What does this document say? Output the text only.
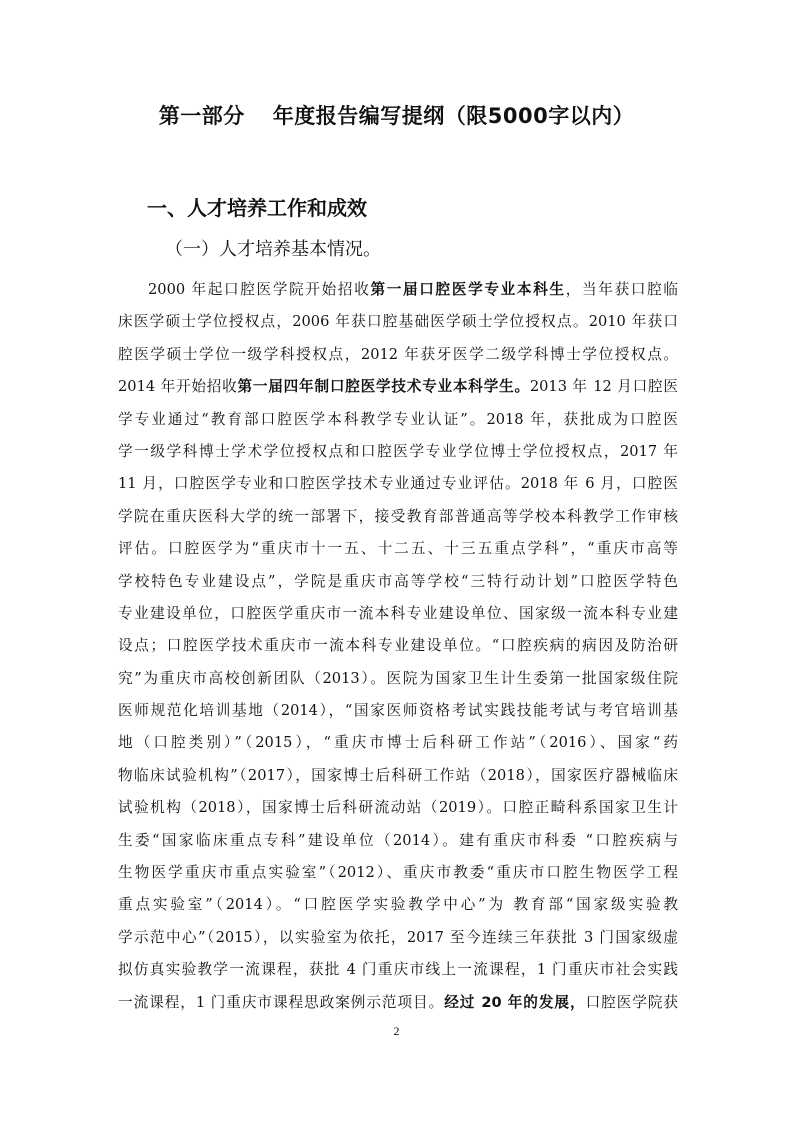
第一部分 年度报告编写提纲（限5000字以内）
一、人才培养工作和成效
（一）人才培养基本情况。
2000 年起口腔医学院开始招收第一届口腔医学专业本科生，当年获口腔临
床医学硕士学位授权点，2006 年获口腔基础医学硕士学位授权点。2010 年获口
腔医学硕士学位一级学科授权点，2012 年获牙医学二级学科博士学位授权点。
2014 年开始招收第一届四年制口腔医学技术专业本科学生。2013 年 12 月口腔医
学专业通过“教育部口腔医学本科教学专业认证”。2018 年，获批成为口腔医
学一级学科博士学术学位授权点和口腔医学专业学位博士学位授权点，2017 年
11 月，口腔医学专业和口腔医学技术专业通过专业评估。2018 年 6 月，口腔医
学院在重庆医科大学的统一部署下，接受教育部普通高等学校本科教学工作审核
评估。口腔医学为“重庆市十一五、十二五、十三五重点学科”，“重庆市高等
学校特色专业建设点”，学院是重庆市高等学校“三特行动计划”口腔医学特色
专业建设单位，口腔医学重庆市一流本科专业建设单位、国家级一流本科专业建
设点；口腔医学技术重庆市一流本科专业建设单位。“口腔疾病的病因及防治研
究”为重庆市高校创新团队（2013）。医院为国家卫生计生委第一批国家级住院
医师规范化培训基地（2014），“国家医师资格考试实践技能考试与考官培训基
地（口腔类别）”（2015），“重庆市博士后科研工作站”（2016）、国家“药
物临床试验机构”（2017），国家博士后科研工作站（2018），国家医疗器械临床
试验机构（2018），国家博士后科研流动站（2019）。口腔正畸科系国家卫生计
生委“国家临床重点专科”建设单位（2014）。建有重庆市科委 “口腔疾病与
生物医学重庆市重点实验室”（2012）、重庆市教委“重庆市口腔生物医学工程
重点实验室”（2014）。“口腔医学实验教学中心”为 教育部“国家级实验教
学示范中心”（2015），以实验室为依托，2017 至今连续三年获批 3 门国家级虚
拟仿真实验教学一流课程，获批 4 门重庆市线上一流课程，1 门重庆市社会实践
一流课程，1 门重庆市课程思政案例示范项目。经过 20 年的发展，口腔医学院获
2
